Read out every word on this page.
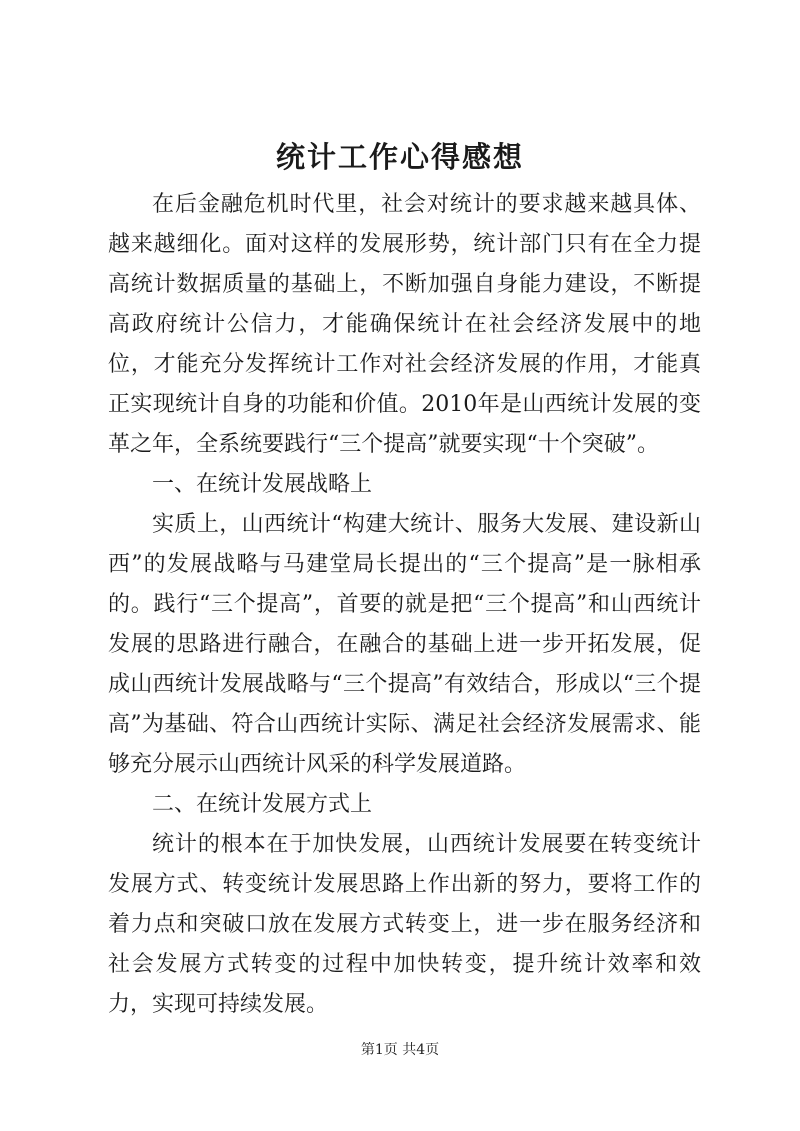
统计工作心得感想

在后金融危机时代里，社会对统计的要求越来越具体、越来越细化。面对这样的发展形势，统计部门只有在全力提高统计数据质量的基础上，不断加强自身能力建设，不断提高政府统计公信力，才能确保统计在社会经济发展中的地位，才能充分发挥统计工作对社会经济发展的作用，才能真正实现统计自身的功能和价值。2010年是山西统计发展的变革之年，全系统要践行“三个提高”就要实现“十个突破”。

一、在统计发展战略上

实质上，山西统计“构建大统计、服务大发展、建设新山西”的发展战略与马建堂局长提出的“三个提高”是一脉相承的。践行“三个提高”，首要的就是把“三个提高”和山西统计发展的思路进行融合，在融合的基础上进一步开拓发展，促成山西统计发展战略与“三个提高”有效结合，形成以“三个提高”为基础、符合山西统计实际、满足社会经济发展需求、能够充分展示山西统计风采的科学发展道路。

二、在统计发展方式上

统计的根本在于加快发展，山西统计发展要在转变统计发展方式、转变统计发展思路上作出新的努力，要将工作的着力点和突破口放在发展方式转变上，进一步在服务经济和社会发展方式转变的过程中加快转变，提升统计效率和效力，实现可持续发展。

第1页 共4页
